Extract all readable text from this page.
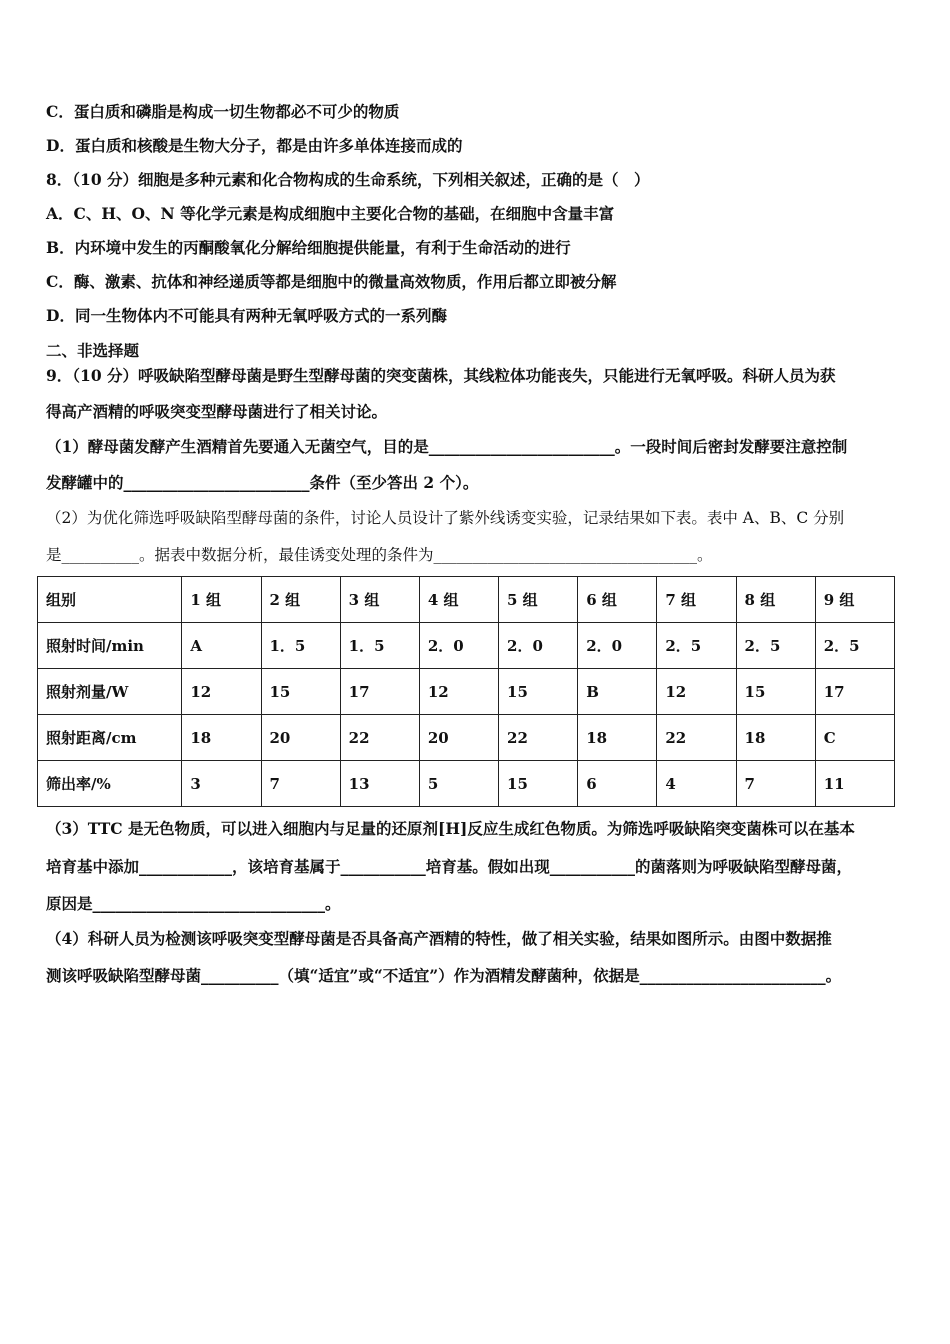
C．蛋白质和磷脂是构成一切生物都必不可少的物质
D．蛋白质和核酸是生物大分子，都是由许多单体连接而成的
8．（10 分）细胞是多种元素和化合物构成的生命系统，下列相关叙述，正确的是（　）
A．C、H、O、N 等化学元素是构成细胞中主要化合物的基础，在细胞中含量丰富
B．内环境中发生的丙酮酸氧化分解给细胞提供能量，有利于生命活动的进行
C．酶、激素、抗体和神经递质等都是细胞中的微量高效物质，作用后都立即被分解
D．同一生物体内不可能具有两种无氧呼吸方式的一系列酶
二、非选择题
9．（10 分）呼吸缺陷型酵母菌是野生型酵母菌的突变菌株，其线粒体功能丧失，只能进行无氧呼吸。科研人员为获
得高产酒精的呼吸突变型酵母菌进行了相关讨论。
（1）酵母菌发酵产生酒精首先要通入无菌空气，目的是________________________。一段时间后密封发酵要注意控制
发酵罐中的________________________条件（至少答出 2 个）。
（2）为优化筛选呼吸缺陷型酵母菌的条件，讨论人员设计了紫外线诱变实验，记录结果如下表。表中 A、B、C 分别
是__________。据表中数据分析，最佳诱变处理的条件为__________________________________。
组别	1 组	2 组	3 组	4 组	5 组	6 组	7 组	8 组	9 组
照射时间/min	A	1．5	1．5	2．0	2．0	2．0	2．5	2．5	2．5
照射剂量/W	12	15	17	12	15	B	12	15	17
照射距离/cm	18	20	22	20	22	18	22	18	C
筛出率/%	3	7	13	5	15	6	4	7	11
（3）TTC 是无色物质，可以进入细胞内与足量的还原剂[H]反应生成红色物质。为筛选呼吸缺陷突变菌株可以在基本
培育基中添加____________，该培育基属于___________培育基。假如出现___________的菌落则为呼吸缺陷型酵母菌，
原因是______________________________。
（4）科研人员为检测该呼吸突变型酵母菌是否具备高产酒精的特性，做了相关实验，结果如图所示。由图中数据推
测该呼吸缺陷型酵母菌__________（填“适宜”或“不适宜”）作为酒精发酵菌种，依据是________________________。
